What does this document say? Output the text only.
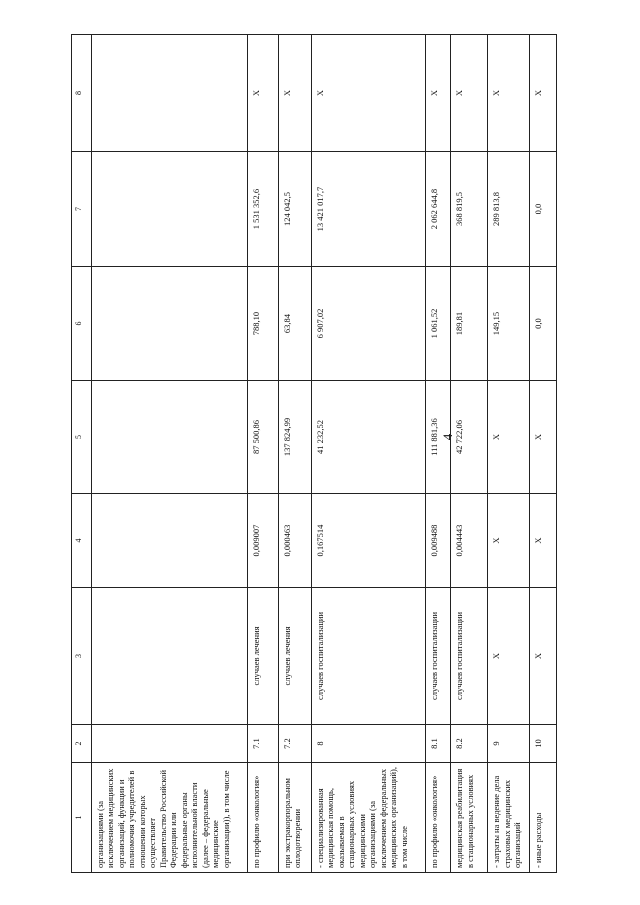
4
1	2	3	4	5	6	7	8
организациями (за исключением медицинских организаций, функции и полномочия учредителей в отношении которых осуществляет Правительство Российской Федерации или федеральные органы исполнительной власти (далее – федеральные медицинские организации)), в том числе							
по профилю «онкология»	7.1	случаев лечения	0,009007	87 500,86	788,10	1 531 352,6	X
при экстракорпоральном оплодотворении	7.2	случаев лечения	0,000463	137 824,99	63,84	124 042,5	X
- специализированная медицинская помощь, оказываемая в стационарных условиях медицинскими организациями (за исключением федеральных медицинских организаций), в том числе	8	случаев госпитализации	0,167514	41 232,52	6 907,02	13 421 017,7	X
по профилю «онкология»	8.1	случаев госпитализации	0,009488	111 881,36	1 061,52	2 062 644,8	X
медицинская реабилитация в стационарных условиях	8.2	случаев госпитализации	0,004443	42 722,06	189,81	368 819,5	X
- затраты на ведение дела страховых медицинских организаций	9	X	X	X	149,15	289 813,8	X
- иные расходы	10	X	X	X	0,0	0,0	X
